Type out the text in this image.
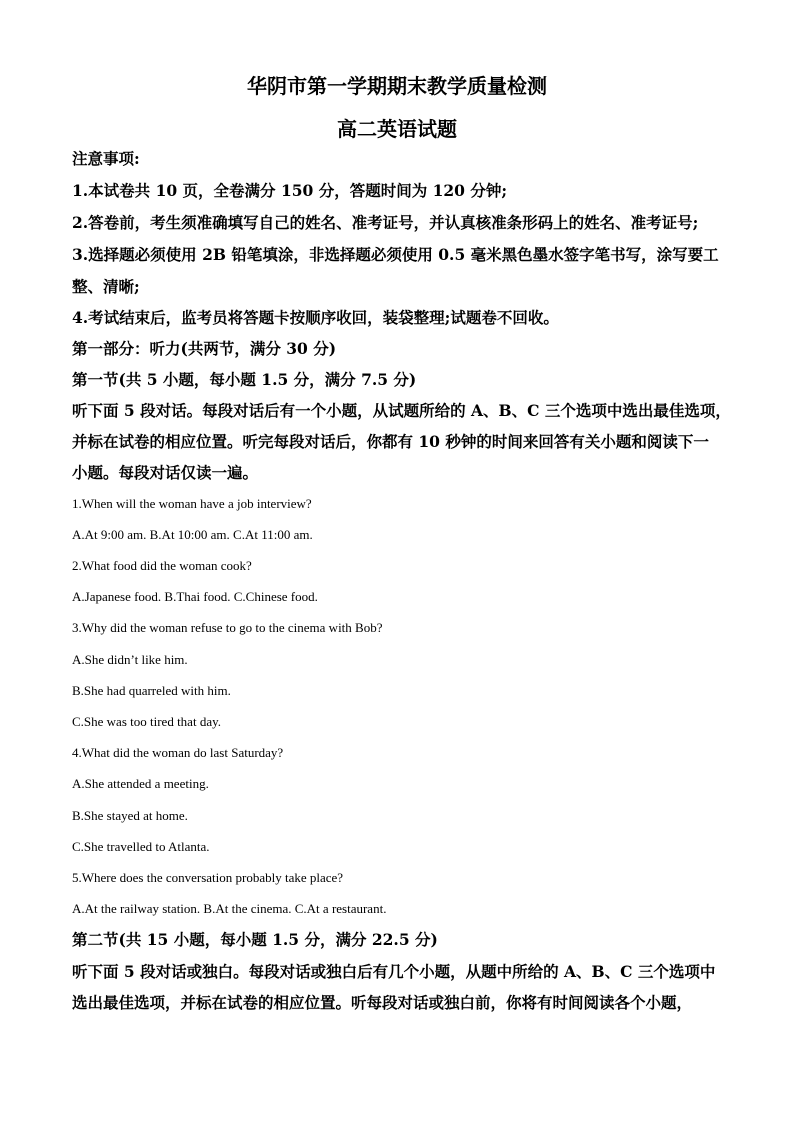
华阴市第一学期期末教学质量检测
高二英语试题
注意事项:
1.本试卷共 10 页，全卷满分 150 分，答题时间为 120 分钟;
2.答卷前，考生须准确填写自己的姓名、准考证号，并认真核准条形码上的姓名、准考证号;
3.选择题必须使用 2B 铅笔填涂，非选择题必须使用 0.5 毫米黑色墨水签字笔书写，涂写要工
整、清晰;
4.考试结束后，监考员将答题卡按顺序收回，装袋整理;试题卷不回收。
第一部分：听力(共两节，满分 30 分)
第一节(共 5 小题，每小题 1.5 分，满分 7.5 分)
听下面 5 段对话。每段对话后有一个小题，从试题所给的 A、B、C 三个选项中选出最佳选项，
并标在试卷的相应位置。听完每段对话后，你都有 10 秒钟的时间来回答有关小题和阅读下一
小题。每段对话仅读一遍。
1.When will the woman have a job interview?
A.At 9:00 am. B.At 10:00 am. C.At 11:00 am.
2.What food did the woman cook?
A.Japanese food. B.Thai food. C.Chinese food.
3.Why did the woman refuse to go to the cinema with Bob?
A.She didn’t like him.
B.She had quarreled with him.
C.She was too tired that day.
4.What did the woman do last Saturday?
A.She attended a meeting.
B.She stayed at home.
C.She travelled to Atlanta.
5.Where does the conversation probably take place?
A.At the railway station. B.At the cinema. C.At a restaurant.
第二节(共 15 小题，每小题 1.5 分，满分 22.5 分)
听下面 5 段对话或独白。每段对话或独白后有几个小题，从题中所给的 A、B、C 三个选项中
选出最佳选项，并标在试卷的相应位置。听每段对话或独白前，你将有时间阅读各个小题，
